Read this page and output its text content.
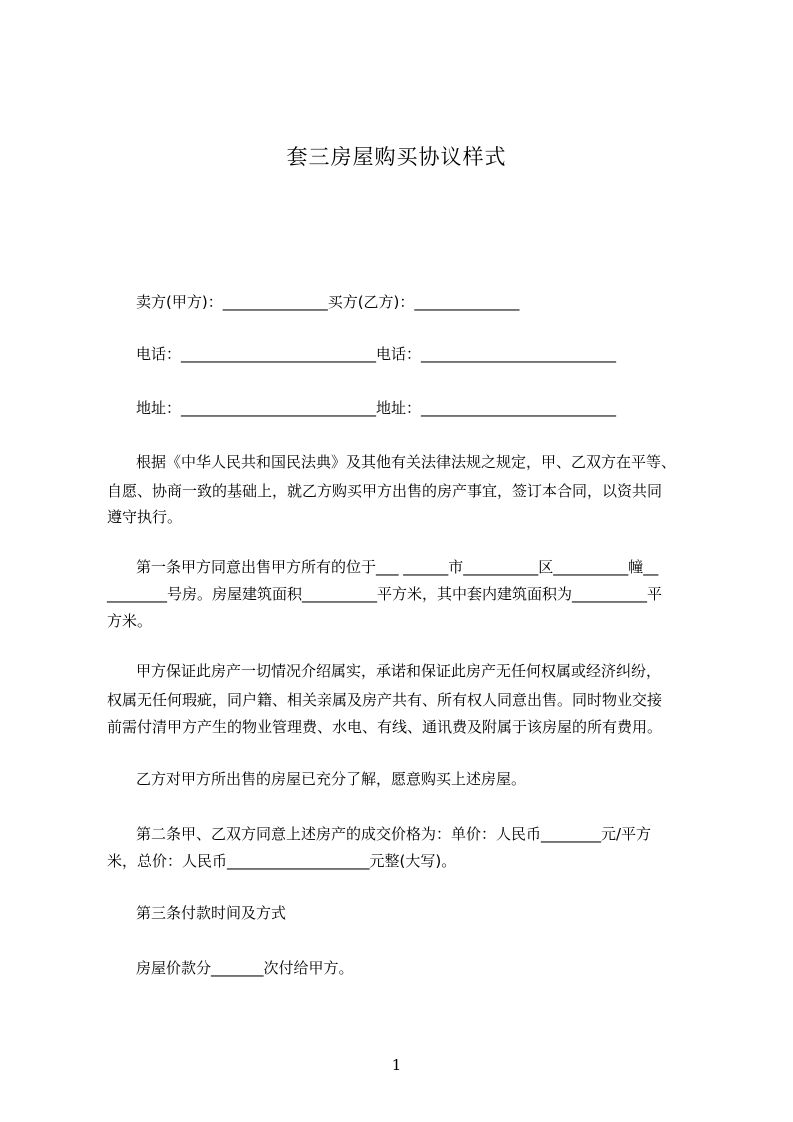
套三房屋购买协议样式
卖方(甲方)：______________买方(乙方)：______________
电话：__________________________电话：__________________________
地址：__________________________地址：__________________________
根据《中华人民共和国民法典》及其他有关法律法规之规定，甲、乙双方在平等、
自愿、协商一致的基础上，就乙方购买甲方出售的房产事宜，签订本合同，以资共同
遵守执行。
第一条甲方同意出售甲方所有的位于___ ______市__________区__________幢__
________号房。房屋建筑面积__________平方米，其中套内建筑面积为__________平
方米。
甲方保证此房产一切情况介绍属实，承诺和保证此房产无任何权属或经济纠纷，
权属无任何瑕疵，同户籍、相关亲属及房产共有、所有权人同意出售。同时物业交接
前需付清甲方产生的物业管理费、水电、有线、通讯费及附属于该房屋的所有费用。
乙方对甲方所出售的房屋已充分了解，愿意购买上述房屋。
第二条甲、乙双方同意上述房产的成交价格为：单价：人民币________元/平方
米，总价：人民币___________________元整(大写)。
第三条付款时间及方式
房屋价款分_______次付给甲方。
1
